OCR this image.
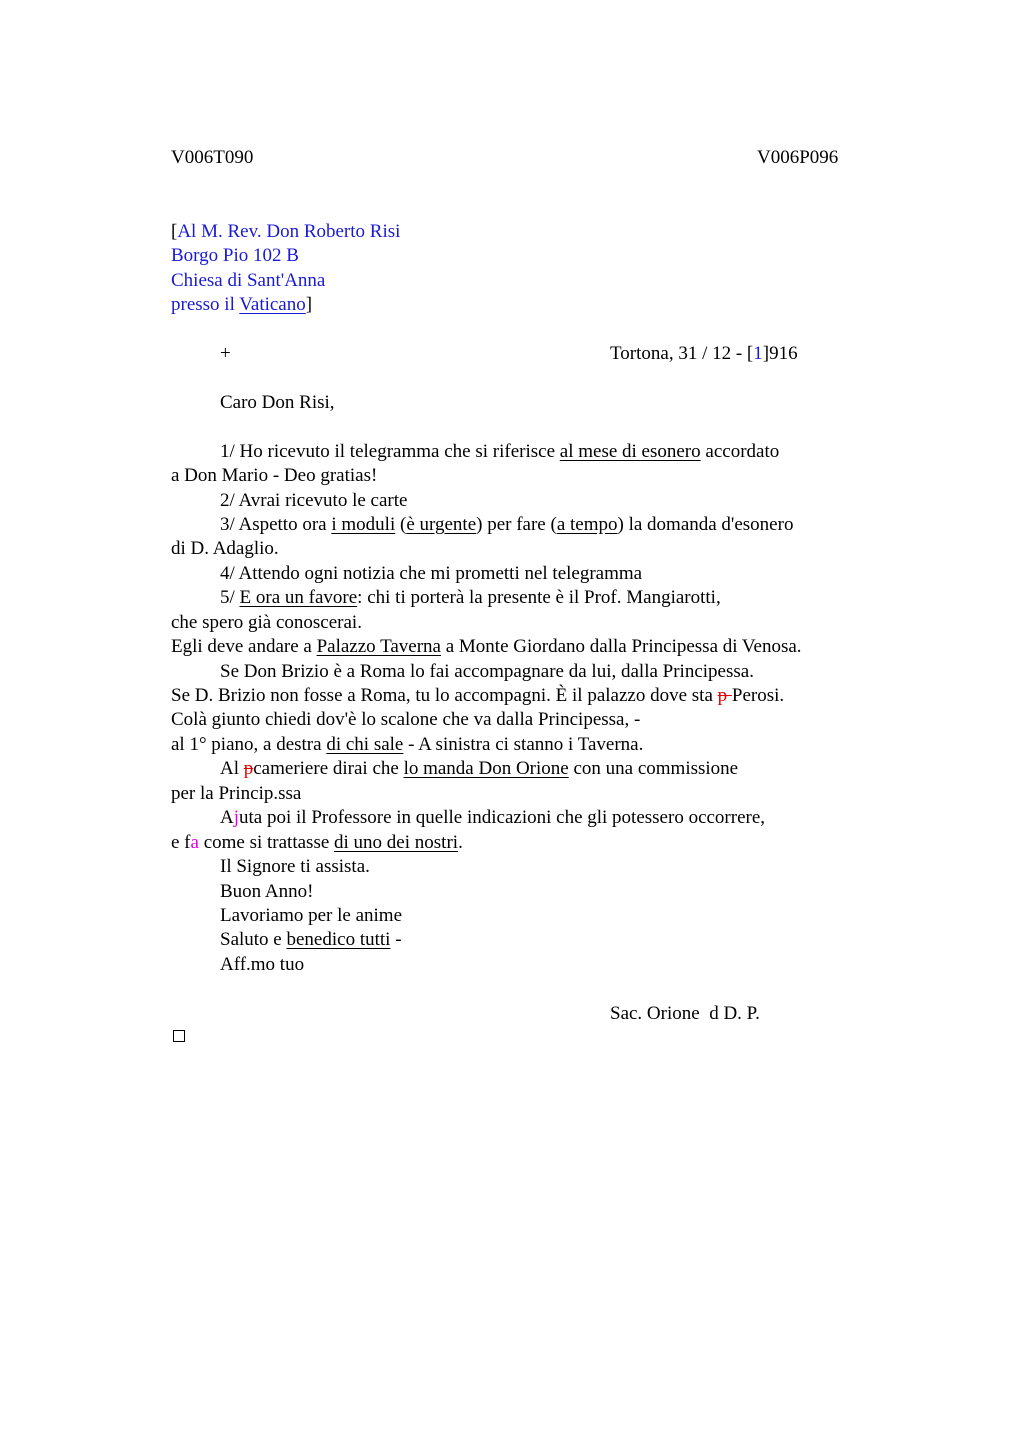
V006T090	V006P096
[Al M. Rev. Don Roberto Risi
Borgo Pio 102 B
Chiesa di Sant'Anna
presso il Vaticano]
+	Tortona, 31 / 12 - [1]916
Caro Don Risi,
1/ Ho ricevuto il telegramma che si riferisce al mese di esonero accordato
a Don Mario - Deo gratias!
2/ Avrai ricevuto le carte
3/ Aspetto ora i moduli (è urgente) per fare (a tempo) la domanda d'esonero
di D. Adaglio.
4/ Attendo ogni notizia che mi prometti nel telegramma
5/ E ora un favore: chi ti porterà la presente è il Prof. Mangiarotti,
che spero già conoscerai.
Egli deve andare a Palazzo Taverna a Monte Giordano dalla Principessa di Venosa.
Se Don Brizio è a Roma lo fai accompagnare da lui, dalla Principessa.
Se D. Brizio non fosse a Roma, tu lo accompagni. È il palazzo dove sta p Perosi.
Colà giunto chiedi dov'è lo scalone che va dalla Principessa, -
al 1° piano, a destra di chi sale - A sinistra ci stanno i Taverna.
Al pcameriere dirai che lo manda Don Orione con una commissione
per la Princip.ssa
Ajuta poi il Professore in quelle indicazioni che gli potessero occorrere,
e fa come si trattasse di uno dei nostri.
Il Signore ti assista.
Buon Anno!
Lavoriamo per le anime
Saluto e benedico tutti -
Aff.mo tuo
Sac. Orione  d D. P.
